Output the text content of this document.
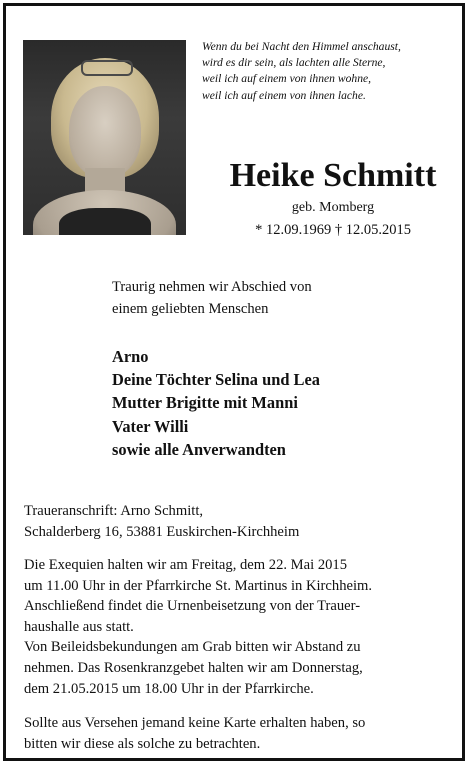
Wenn du bei Nacht den Himmel anschaust,
wird es dir sein, als lachten alle Sterne,
weil ich auf einem von ihnen wohne,
weil ich auf einem von ihnen lache.
Heike Schmitt
geb. Momberg
* 12.09.1969 † 12.05.2015
Traurig nehmen wir Abschied von
einem geliebten Menschen
Arno
Deine Töchter Selina und Lea
Mutter Brigitte mit Manni
Vater Willi
sowie alle Anverwandten
Traueranschrift: Arno Schmitt,
Schalderberg 16, 53881 Euskirchen-Kirchheim
Die Exequien halten wir am Freitag, dem 22. Mai 2015
um 11.00 Uhr in der Pfarrkirche St. Martinus in Kirchheim.
Anschließend findet die Urnenbeisetzung von der Trauer-
haushalle aus statt.
Von Beileidsbekundungen am Grab bitten wir Abstand zu
nehmen. Das Rosenkranzgebet halten wir am Donnerstag,
dem 21.05.2015 um 18.00 Uhr in der Pfarrkirche.
Sollte aus Versehen jemand keine Karte erhalten haben, so
bitten wir diese als solche zu betrachten.
